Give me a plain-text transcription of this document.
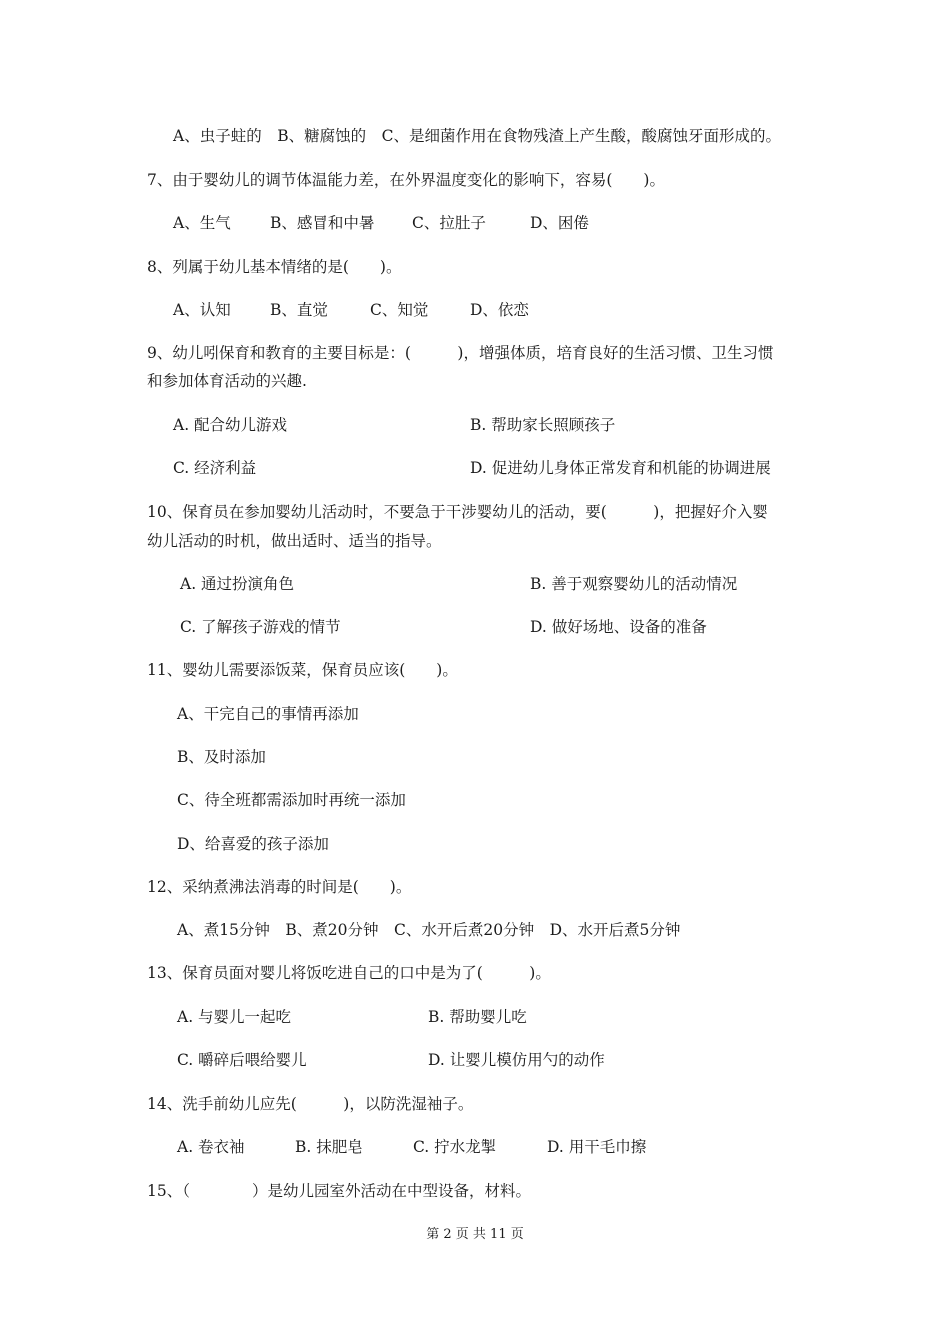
A、虫子蛀的　B、糖腐蚀的　C、是细菌作用在食物残渣上产生酸，酸腐蚀牙面形成的。
7、由于婴幼儿的调节体温能力差，在外界温度变化的影响下，容易(　　)。
A、生气	B、感冒和中暑 C、拉肚子	D、困倦
8、列属于幼儿基本情绪的是(　　)。
A、认知	B、直觉	C、知觉	D、依恋
9、幼儿吲保育和教育的主要目标是：(　　　)，增强体质，培育良好的生活习惯、卫生习惯
和参加体育活动的兴趣.
A. 配合幼儿游戏	B. 帮助家长照顾孩子
C. 经济利益	D. 促进幼儿身体正常发育和机能的协调进展
10、保育员在参加婴幼儿活动时，不要急于干涉婴幼儿的活动，要(　　　)，把握好介入婴
幼儿活动的时机，做出适时、适当的指导。
A. 通过扮演角色	B. 善于观察婴幼儿的活动情况
C. 了解孩子游戏的情节	D. 做好场地、设备的准备
11、婴幼儿需要添饭菜，保育员应该(　　)。
A、干完自己的事情再添加
B、及时添加
C、待全班都需添加时再统一添加
D、给喜爱的孩子添加
12、采纳煮沸法消毒的时间是(　　)。
A、煮15分钟　B、煮20分钟　C、水开后煮20分钟　D、水开后煮5分钟
13、保育员面对婴儿将饭吃进自己的口中是为了(　　　)。
A. 与婴儿一起吃	B. 帮助婴儿吃
C. 嚼碎后喂给婴儿	D. 让婴儿模仿用勺的动作
14、洗手前幼儿应先(　　　)，以防洗湿袖子。
A. 卷衣袖	B. 抹肥皂	C. 拧水龙掣	D. 用干毛巾擦
15、（　　　　）是幼儿园室外活动在中型设备，材料。
第 2 页 共 11 页
